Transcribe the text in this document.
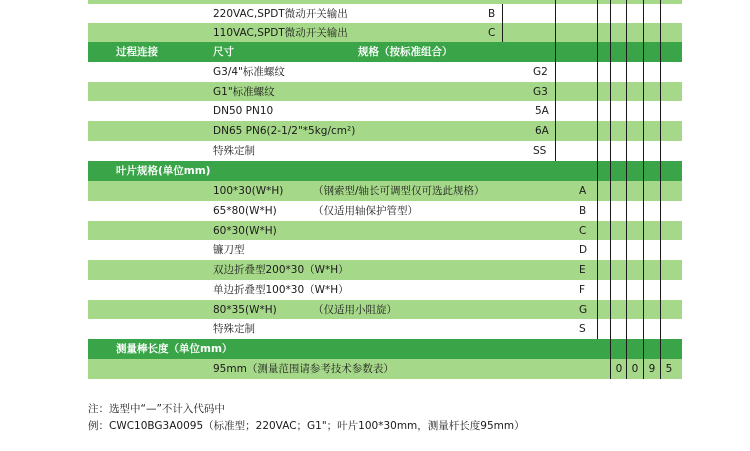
220VAC,SPDT微动开关输出	B
110VAC,SPDT微动开关输出	C
过程连接	尺寸	规格（按标准组合）
G3/4"标准螺纹	G2
G1"标准螺纹	G3
DN50 PN10	5A
DN65 PN6(2-1/2"*5kg/cm²)	6A
特殊定制	SS
叶片规格(单位mm)
100*30(W*H)	（钢索型/轴长可调型仅可选此规格）	A
65*80(W*H)	（仅适用轴保护管型）	B
60*30(W*H)	C
镰刀型	D
双边折叠型200*30（W*H）	E
单边折叠型100*30（W*H）	F
80*35(W*H)	（仅适用小阻旋）	G
特殊定制	S
测量棒长度（单位mm）
95mm（测量范围请参考技术参数表）	0 0 9 5
注：选型中“—”不计入代码中
例：CWC10BG3A0095（标准型；220VAC；G1"；叶片100*30mm，测量杆长度95mm）
